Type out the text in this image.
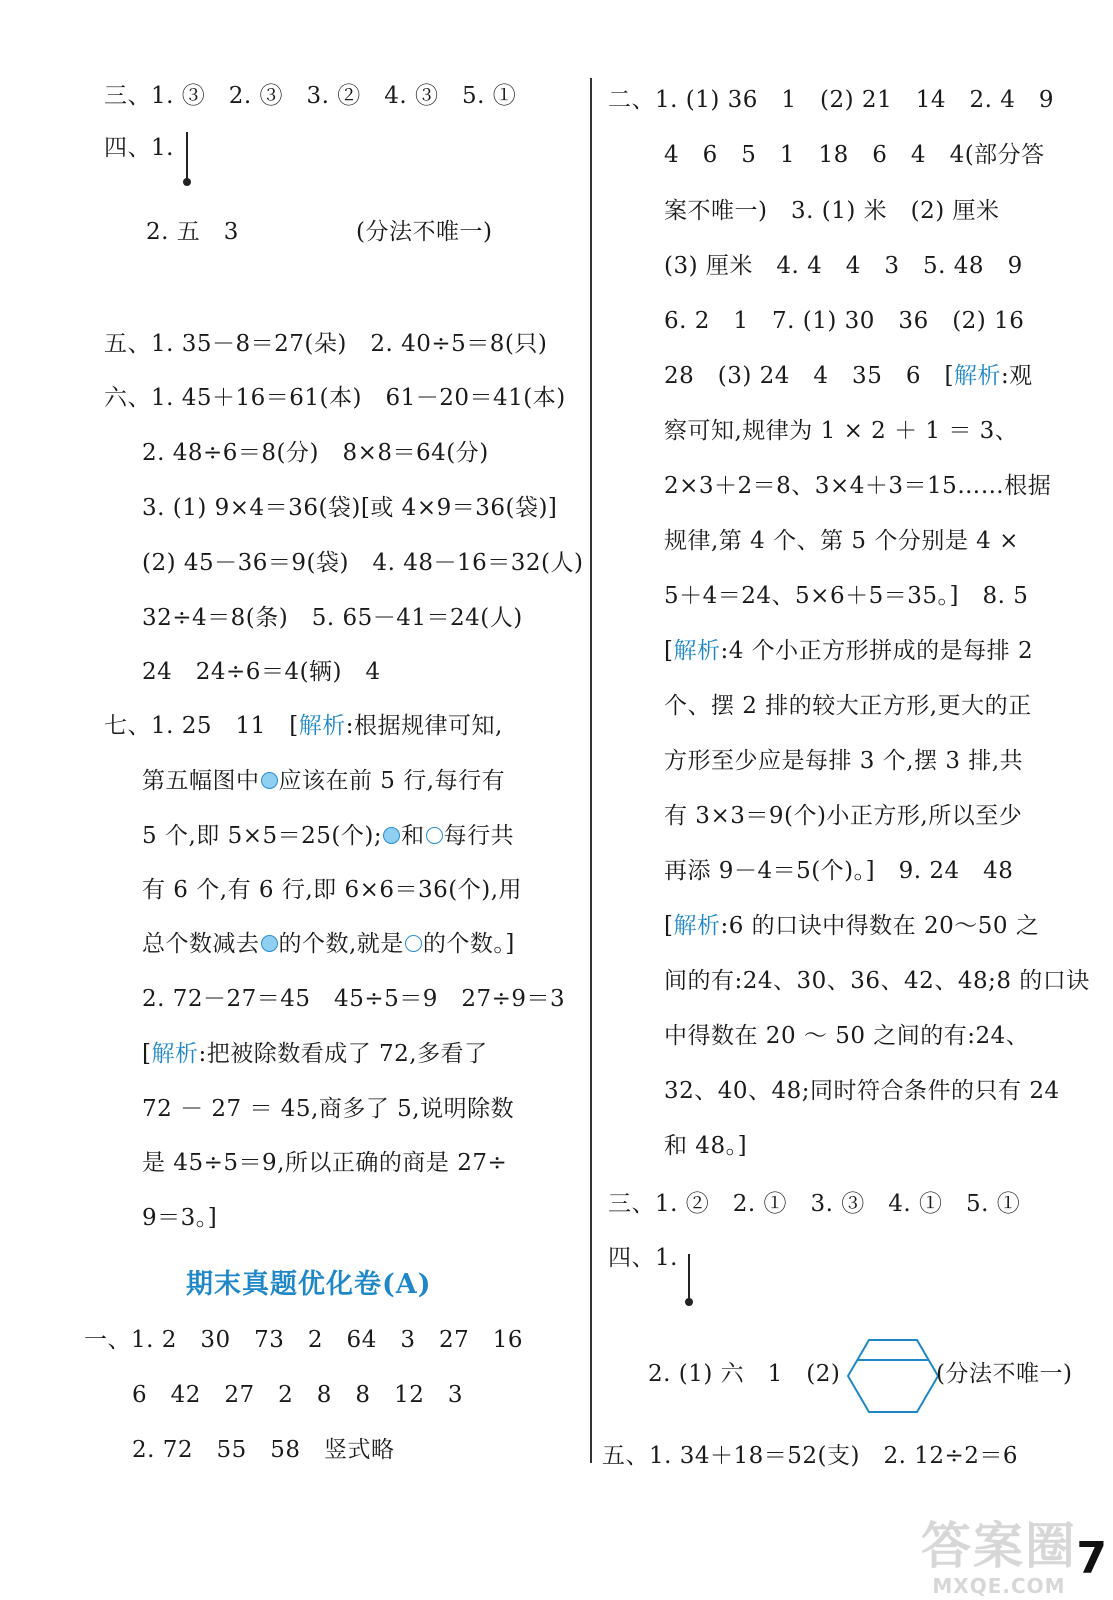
三、1. ③　2. ③　3. ②　4. ③　5. ①
四、1.
2. 五　3	(分法不唯一)
五、1. 35－8＝27(朵)　2. 40÷5＝8(只)
六、1. 45＋16＝61(本)　61－20＝41(本)
2. 48÷6＝8(分)　8×8＝64(分)
3. (1) 9×4＝36(袋)[或 4×9＝36(袋)]
(2) 45－36＝9(袋)　4. 48－16＝32(人)
32÷4＝8(条)　5. 65－41＝24(人)
24　24÷6＝4(辆)　4
七、1. 25　11　[解析:根据规律可知,
第五幅图中 应该在前 5 行,每行有
5 个,即 5×5＝25(个); 和 每行共
有 6 个,有 6 行,即 6×6＝36(个),用
总个数减去 的个数,就是 的个数。]
2. 72－27＝45　45÷5＝9　27÷9＝3
[解析:把被除数看成了 72,多看了
72 － 27 ＝ 45,商多了 5,说明除数
是 45÷5＝9,所以正确的商是 27÷
9＝3。]
期末真题优化卷(A)
一、1. 2　30　73　2　64　3　27　16
6　42　27　2　8　8　12　3
2. 72　55　58　竖式略
二、1. (1) 36　1　(2) 21　14　2. 4　9
4　6　5　1　18　6　4　4(部分答
案不唯一)　3. (1) 米　(2) 厘米
(3) 厘米　4. 4　4　3　5. 48　9
6. 2　1　7. (1) 30　36　(2) 16
28　(3) 24　4　35　6　[解析:观
察可知,规律为 1 × 2 ＋ 1 ＝ 3、
2×3＋2＝8、3×4＋3＝15……根据
规律,第 4 个、第 5 个分别是 4 ×
5＋4＝24、5×6＋5＝35。]　8. 5
[解析:4 个小正方形拼成的是每排 2
个、摆 2 排的较大正方形,更大的正
方形至少应是每排 3 个,摆 3 排,共
有 3×3＝9(个)小正方形,所以至少
再添 9－4＝5(个)。]　9. 24　48
[解析:6 的口诀中得数在 20～50 之
间的有:24、30、36、42、48;8 的口诀
中得数在 20 ～ 50 之间的有:24、
32、40、48;同时符合条件的只有 24
和 48。]
三、1. ②　2. ①　3. ③　4. ①　5. ①
四、1.
2. (1) 六　1　(2)	(分法不唯一)
五、1. 34＋18＝52(支)　2. 12÷2＝6
答案圈
MXQE.COM
7
